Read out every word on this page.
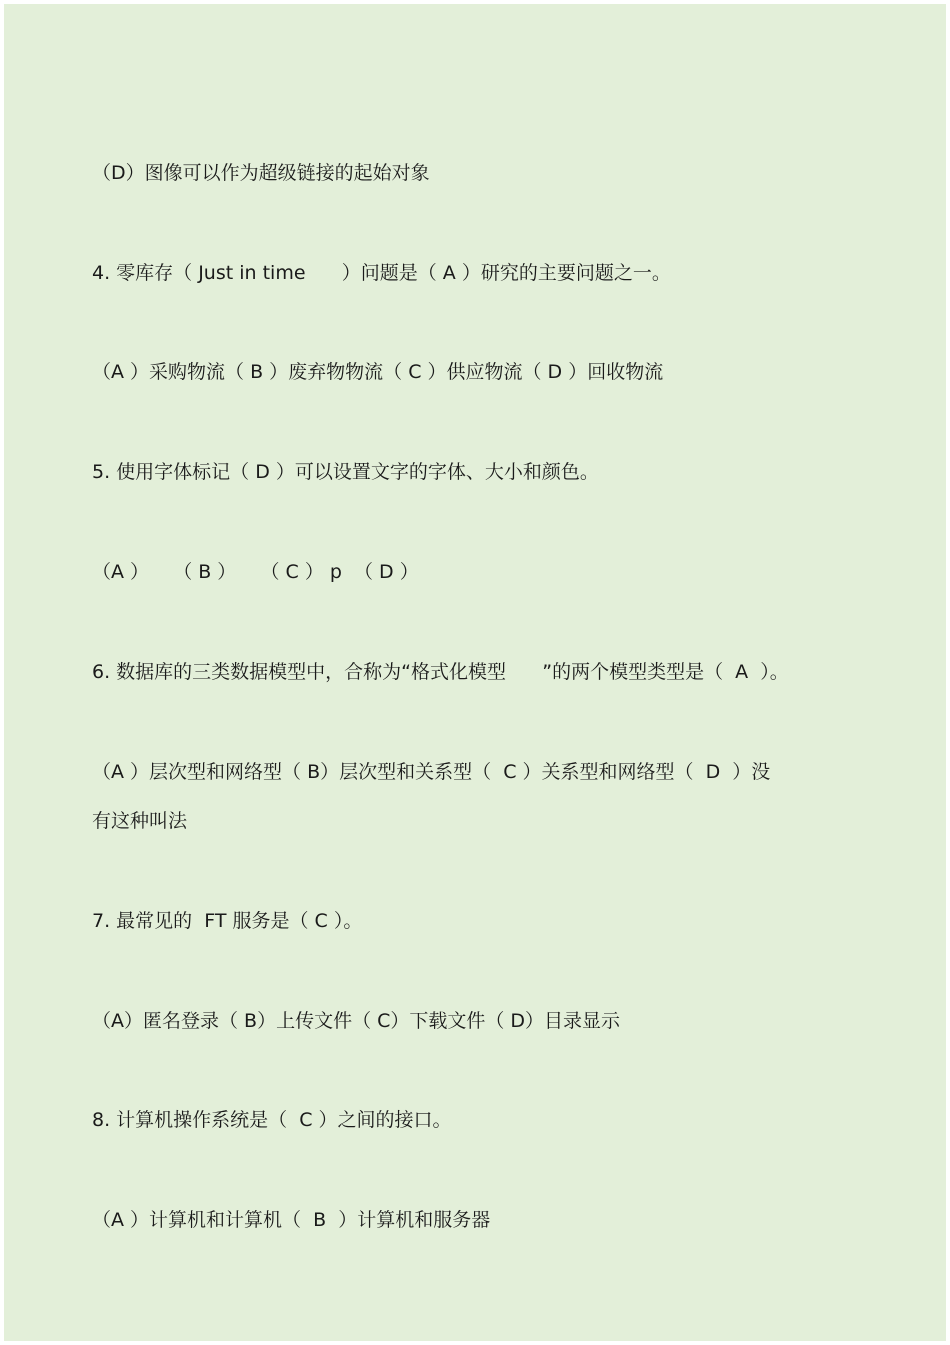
（D）图像可以作为超级链接的起始对象
4. 零库存（ Just in time      ）问题是（ A ）研究的主要问题之一。
（A ）采购物流（ B ）废弃物物流（ C ）供应物流（ D ）回收物流
5. 使用字体标记（ D ）可以设置文字的字体、大小和颜色。
（A ）    （ B ）    （ C ） p  （ D ）
6. 数据库的三类数据模型中，合称为“格式化模型      ”的两个模型类型是（  A  ）。
（A ）层次型和网络型（ B）层次型和关系型（  C ）关系型和网络型（  D  ）没
有这种叫法
7. 最常见的  FT 服务是（ C ）。
（A）匿名登录（ B）上传文件（ C）下载文件（ D）目录显示
8. 计算机操作系统是（  C ）之间的接口。
（A ）计算机和计算机（  B  ）计算机和服务器
